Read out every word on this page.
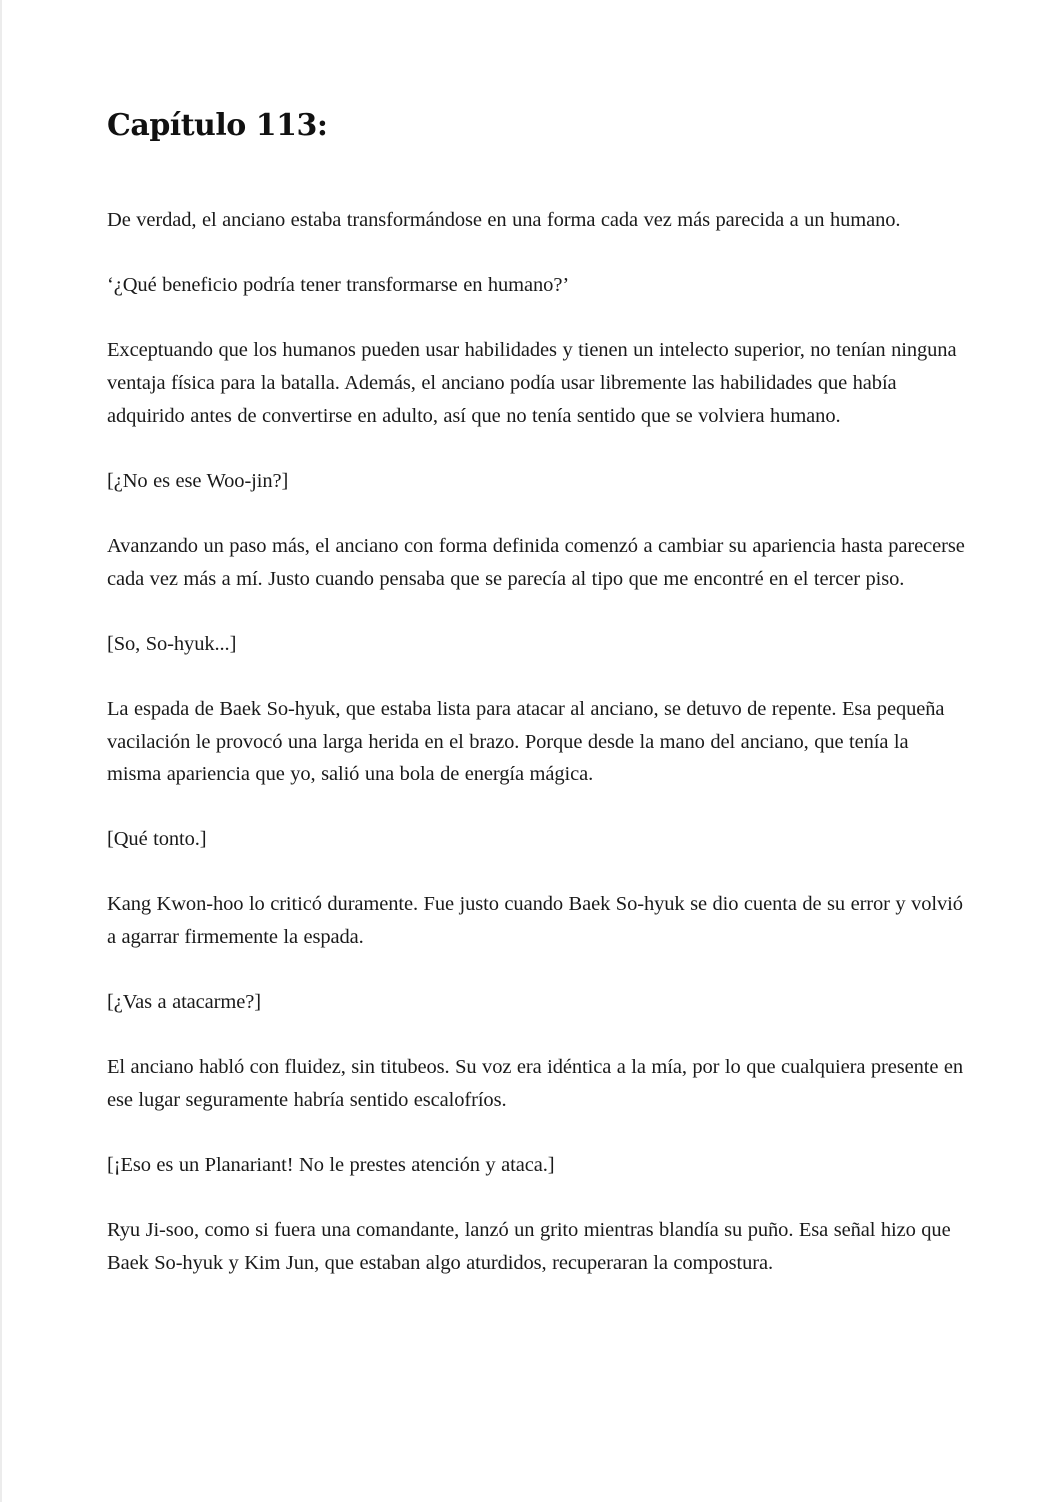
Capítulo 113:

De verdad, el anciano estaba transformándose en una forma cada vez más parecida a un humano.

‘¿Qué beneficio podría tener transformarse en humano?’

Exceptuando que los humanos pueden usar habilidades y tienen un intelecto superior, no tenían ninguna ventaja física para la batalla. Además, el anciano podía usar libremente las habilidades que había adquirido antes de convertirse en adulto, así que no tenía sentido que se volviera humano.

[¿No es ese Woo-jin?]

Avanzando un paso más, el anciano con forma definida comenzó a cambiar su apariencia hasta parecerse cada vez más a mí. Justo cuando pensaba que se parecía al tipo que me encontré en el tercer piso.

[So, So-hyuk...]

La espada de Baek So-hyuk, que estaba lista para atacar al anciano, se detuvo de repente. Esa pequeña vacilación le provocó una larga herida en el brazo. Porque desde la mano del anciano, que tenía la misma apariencia que yo, salió una bola de energía mágica.

[Qué tonto.]

Kang Kwon-hoo lo criticó duramente. Fue justo cuando Baek So-hyuk se dio cuenta de su error y volvió a agarrar firmemente la espada.

[¿Vas a atacarme?]

El anciano habló con fluidez, sin titubeos. Su voz era idéntica a la mía, por lo que cualquiera presente en ese lugar seguramente habría sentido escalofríos.

[¡Eso es un Planariant! No le prestes atención y ataca.]

Ryu Ji-soo, como si fuera una comandante, lanzó un grito mientras blandía su puño. Esa señal hizo que Baek So-hyuk y Kim Jun, que estaban algo aturdidos, recuperaran la compostura.
